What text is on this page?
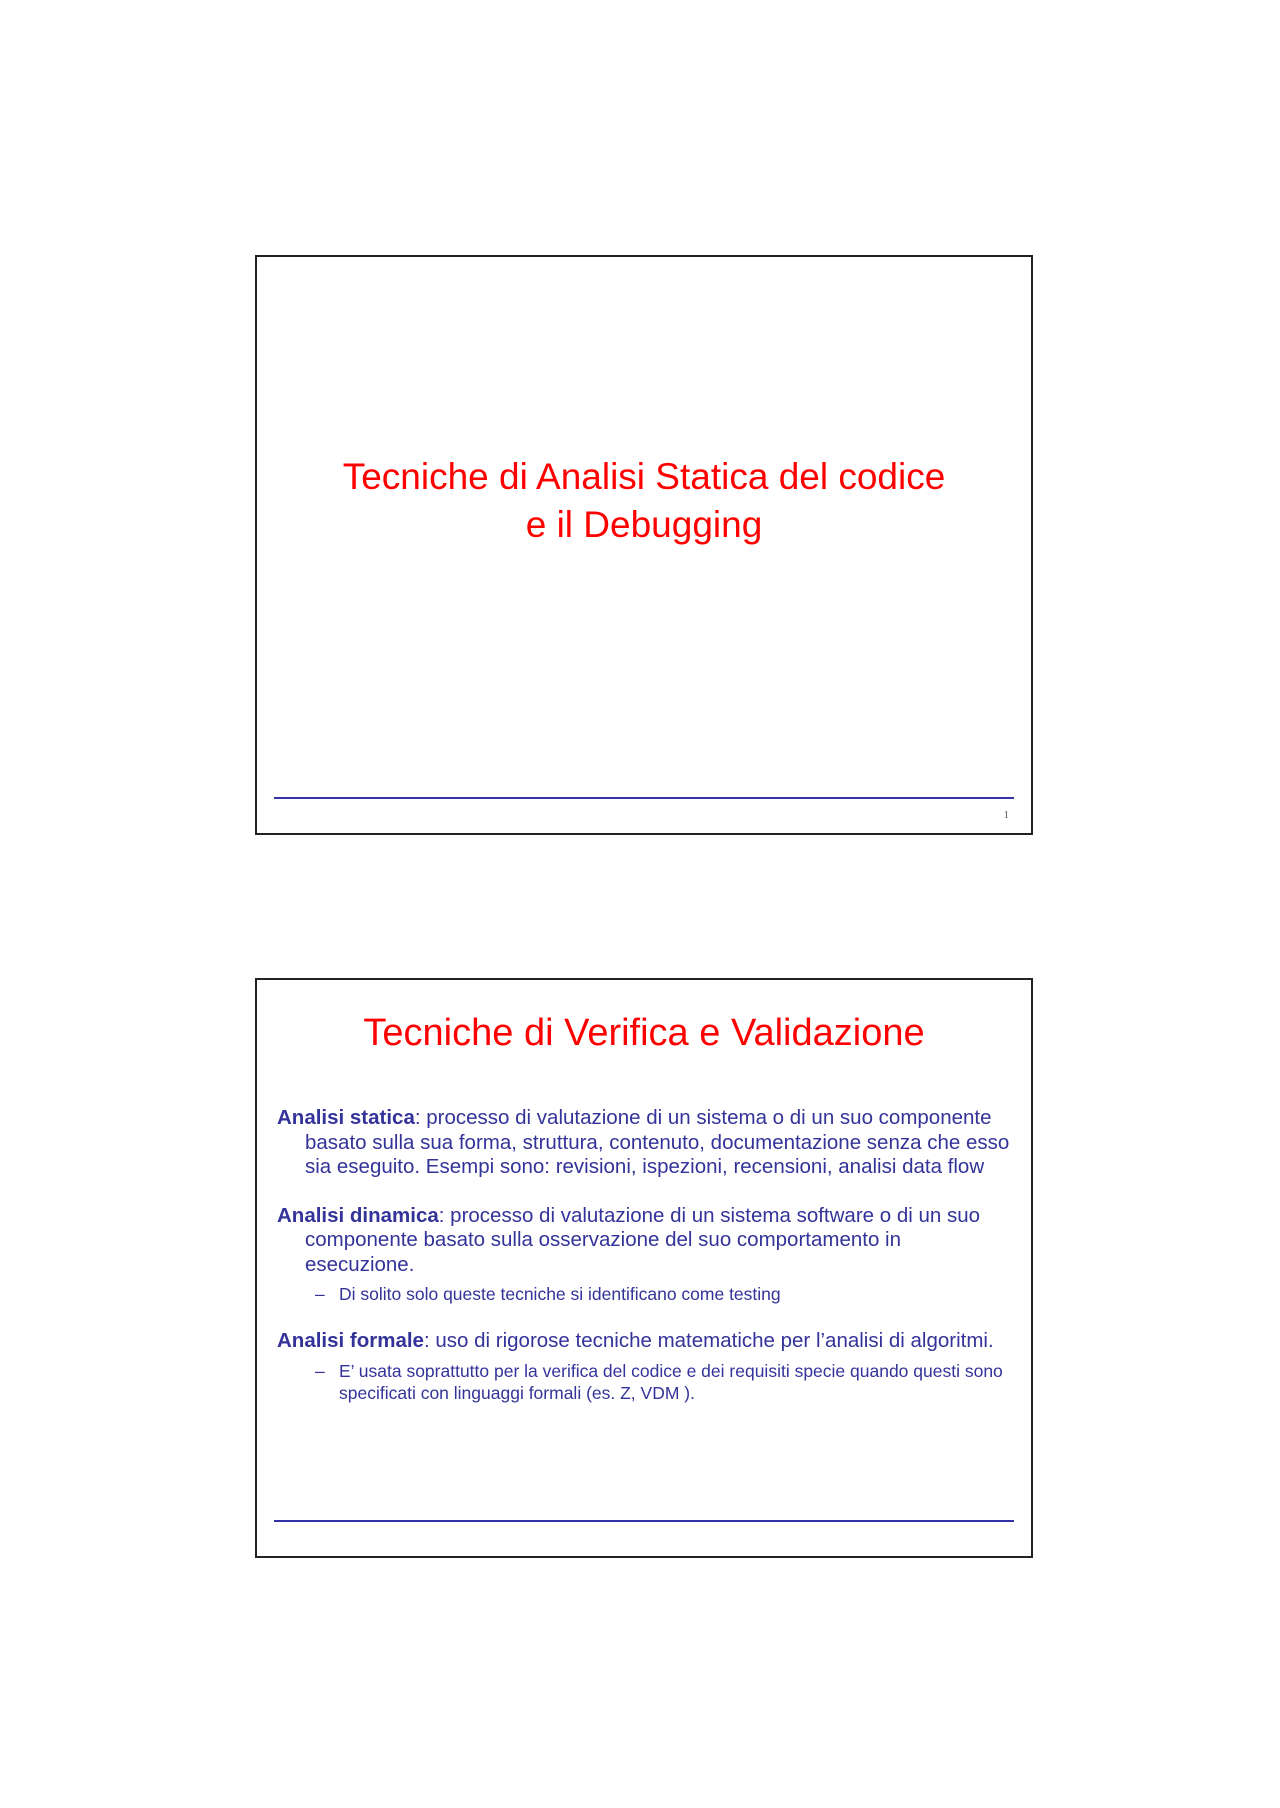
Tecniche di Analisi Statica del codice
e il Debugging
1
Tecniche di Verifica e Validazione

Analisi statica: processo di valutazione di un sistema o di un suo componente basato sulla sua forma, struttura, contenuto, documentazione senza che esso sia eseguito. Esempi sono: revisioni, ispezioni, recensioni, analisi data flow

Analisi dinamica: processo di valutazione di un sistema software o di un suo componente basato sulla osservazione del suo comportamento in esecuzione.

– Di solito solo queste tecniche si identificano come testing

Analisi formale: uso di rigorose tecniche matematiche per l’analisi di algoritmi.

– E’ usata soprattutto per la verifica del codice e dei requisiti specie quando questi sono specificati con linguaggi formali (es. Z, VDM ).
